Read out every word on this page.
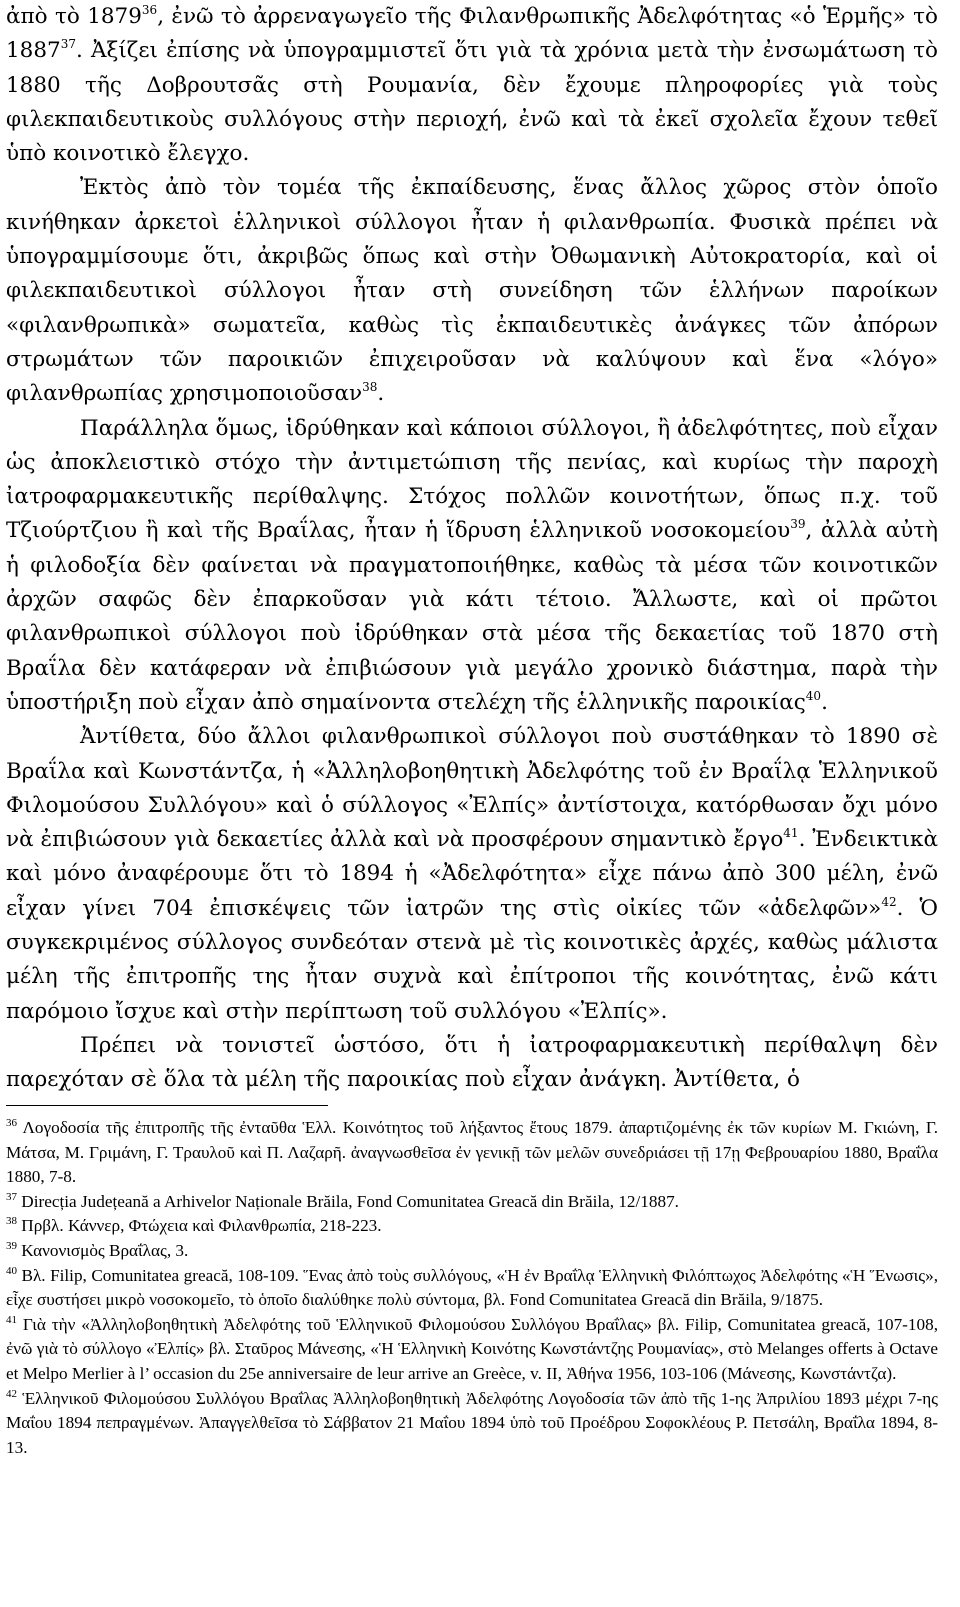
ἀπὸ τὸ 1879$^{36}$, ἐνῶ τὸ ἀρρεναγωγεῖο τῆς Φιλανθρωπικῆς Ἀδελφότητας «ὁ Ἑρμῆς» τὸ 1887$^{37}$. Ἀξίζει ἐπίσης νὰ ὑπογραμμιστεῖ ὅτι γιὰ τὰ χρόνια μετὰ τὴν ἐνσωμάτωση τὸ 1880 τῆς Δοβρουτσᾶς στὴ Ρουμανία, δὲν ἔχουμε πληροφορίες γιὰ τοὺς φιλεκπαιδευτικοὺς συλλόγους στὴν περιοχή, ἐνῶ καὶ τὰ ἐκεῖ σχολεῖα ἔχουν τεθεῖ ὑπὸ κοινοτικὸ ἔλεγχο.

Ἐκτὸς ἀπὸ τὸν τομέα τῆς ἐκπαίδευσης, ἕνας ἄλλος χῶρος στὸν ὁποῖο κινήθηκαν ἀρκετοὶ ἑλληνικοὶ σύλλογοι ἦταν ἡ φιλανθρωπία. Φυσικὰ πρέπει νὰ ὑπογραμμίσουμε ὅτι, ἀκριβῶς ὅπως καὶ στὴν Ὀθωμανικὴ Αὐτοκρατορία, καὶ οἱ φιλεκπαιδευτικοὶ σύλλογοι ἦταν στὴ συνείδηση τῶν ἑλλήνων παροίκων «φιλανθρωπικὰ» σωματεῖα, καθὼς τὶς ἐκπαιδευτικὲς ἀνάγκες τῶν ἀπόρων στρωμάτων τῶν παροικιῶν ἐπιχειροῦσαν νὰ καλύψουν καὶ ἕνα «λόγο» φιλανθρωπίας χρησιμοποιοῦσαν$^{38}$.

Παράλληλα ὅμως, ἱδρύθηκαν καὶ κάποιοι σύλλογοι, ἢ ἀδελφότητες, ποὺ εἶχαν ὡς ἀποκλειστικὸ στόχο τὴν ἀντιμετώπιση τῆς πενίας, καὶ κυρίως τὴν παροχὴ ἰατροφαρμακευτικῆς περίθαλψης. Στόχος πολλῶν κοινοτήτων, ὅπως π.χ. τοῦ Τζιούρτζιου ἢ καὶ τῆς Βραΐλας, ἦταν ἡ ἵδρυση ἑλληνικοῦ νοσοκομείου$^{39}$, ἀλλὰ αὐτὴ ἡ φιλοδοξία δὲν φαίνεται νὰ πραγματοποιήθηκε, καθὼς τὰ μέσα τῶν κοινοτικῶν ἀρχῶν σαφῶς δὲν ἐπαρκοῦσαν γιὰ κάτι τέτοιο. Ἄλλωστε, καὶ οἱ πρῶτοι φιλανθρωπικοὶ σύλλογοι ποὺ ἱδρύθηκαν στὰ μέσα τῆς δεκαετίας τοῦ 1870 στὴ Βραΐλα δὲν κατάφεραν νὰ ἐπιβιώσουν γιὰ μεγάλο χρονικὸ διάστημα, παρὰ τὴν ὑποστήριξη ποὺ εἶχαν ἀπὸ σημαίνοντα στελέχη τῆς ἑλληνικῆς παροικίας$^{40}$.

Ἀντίθετα, δύο ἄλλοι φιλανθρωπικοὶ σύλλογοι ποὺ συστάθηκαν τὸ 1890 σὲ Βραΐλα καὶ Κωνστάντζα, ἡ «Ἀλληλοβοηθητικὴ Ἀδελφότης τοῦ ἐν Βραΐλᾳ Ἑλληνικοῦ Φιλομούσου Συλλόγου» καὶ ὁ σύλλογος «Ἐλπίς» ἀντίστοιχα, κατόρθωσαν ὄχι μόνο νὰ ἐπιβιώσουν γιὰ δεκαετίες ἀλλὰ καὶ νὰ προσφέρουν σημαντικὸ ἔργο$^{41}$. Ἐνδεικτικὰ καὶ μόνο ἀναφέρουμε ὅτι τὸ 1894 ἡ «Ἀδελφότητα» εἶχε πάνω ἀπὸ 300 μέλη, ἐνῶ εἶχαν γίνει 704 ἐπισκέψεις τῶν ἰατρῶν της στὶς οἰκίες τῶν «ἀδελφῶν»$^{42}$. Ὁ συγκεκριμένος σύλλογος συνδεόταν στενὰ μὲ τὶς κοινοτικὲς ἀρχές, καθὼς μάλιστα μέλη τῆς ἐπιτροπῆς της ἦταν συχνὰ καὶ ἐπίτροποι τῆς κοινότητας, ἐνῶ κάτι παρόμοιο ἴσχυε καὶ στὴν περίπτωση τοῦ συλλόγου «Ἐλπίς».

Πρέπει νὰ τονιστεῖ ὡστόσο, ὅτι ἡ ἰατροφαρμακευτικὴ περίθαλψη δὲν παρεχόταν σὲ ὅλα τὰ μέλη τῆς παροικίας ποὺ εἶχαν ἀνάγκη. Ἀντίθετα, ὁ

$^{36}$ Λογοδοσία τῆς ἐπιτροπῆς τῆς ἐνταῦθα Ἑλλ. Κοινότητος τοῦ λήξαντος ἔτους 1879. ἀπαρτιζομένης ἐκ τῶν κυρίων Μ. Γκιώνη, Γ. Μάτσα, Μ. Γριμάνη, Γ. Τραυλοῦ καὶ Π. Λαζαρῆ. ἀναγνωσθεῖσα ἐν γενικῇ τῶν μελῶν συνεδριάσει τῇ 17ῃ Φεβρουαρίου 1880, Βραΐλα 1880, 7-8.

$^{37}$ Direcția Județeană a Arhivelor Naționale Brăila, Fond Comunitatea Greacă din Brăila, 12/1887.

$^{38}$ Πρβλ. Κάννερ, Φτώχεια καὶ Φιλανθρωπία, 218-223.

$^{39}$ Κανονισμὸς Βραΐλας, 3.

$^{40}$ Βλ. Filip, Comunitatea greacă, 108-109. Ἕνας ἀπὸ τοὺς συλλόγους, «Ἡ ἐν Βραΐλᾳ Ἑλληνικὴ Φιλόπτωχος Ἀδελφότης «Ἡ Ἕνωσις», εἶχε συστήσει μικρὸ νοσοκομεῖο, τὸ ὁποῖο διαλύθηκε πολὺ σύντομα, βλ. Fond Comunitatea Greacă din Brăila, 9/1875.

$^{41}$ Γιὰ τὴν «Ἀλληλοβοηθητικὴ Ἀδελφότης τοῦ Ἑλληνικοῦ Φιλομούσου Συλλόγου Βραΐλας» βλ. Filip, Comunitatea greacă, 107-108, ἐνῶ γιὰ τὸ σύλλογο «Ἐλπίς» βλ. Σταῦρος Μάνεσης, «Ἡ Ἑλληνικὴ Κοινότης Κωνστάντζης Ρουμανίας», στὸ Melanges offerts à Octave et Melpo Merlier à l’ occasion du 25e anniversaire de leur arrive an Greèce, v. II, Ἀθήνα 1956, 103-106 (Μάνεσης, Κωνστάντζα).

$^{42}$ Ἑλληνικοῦ Φιλομούσου Συλλόγου Βραΐλας Ἀλληλοβοηθητικὴ Ἀδελφότης Λογοδοσία τῶν ἀπὸ τῆς 1-ης Ἀπριλίου 1893 μέχρι 7-ης Μαΐου 1894 πεπραγμένων. Ἀπαγγελθεῖσα τὸ Σάββατον 21 Μαΐου 1894 ὑπὸ τοῦ Προέδρου Σοφοκλέους Ρ. Πετσάλη, Βραΐλα 1894, 8-13.
